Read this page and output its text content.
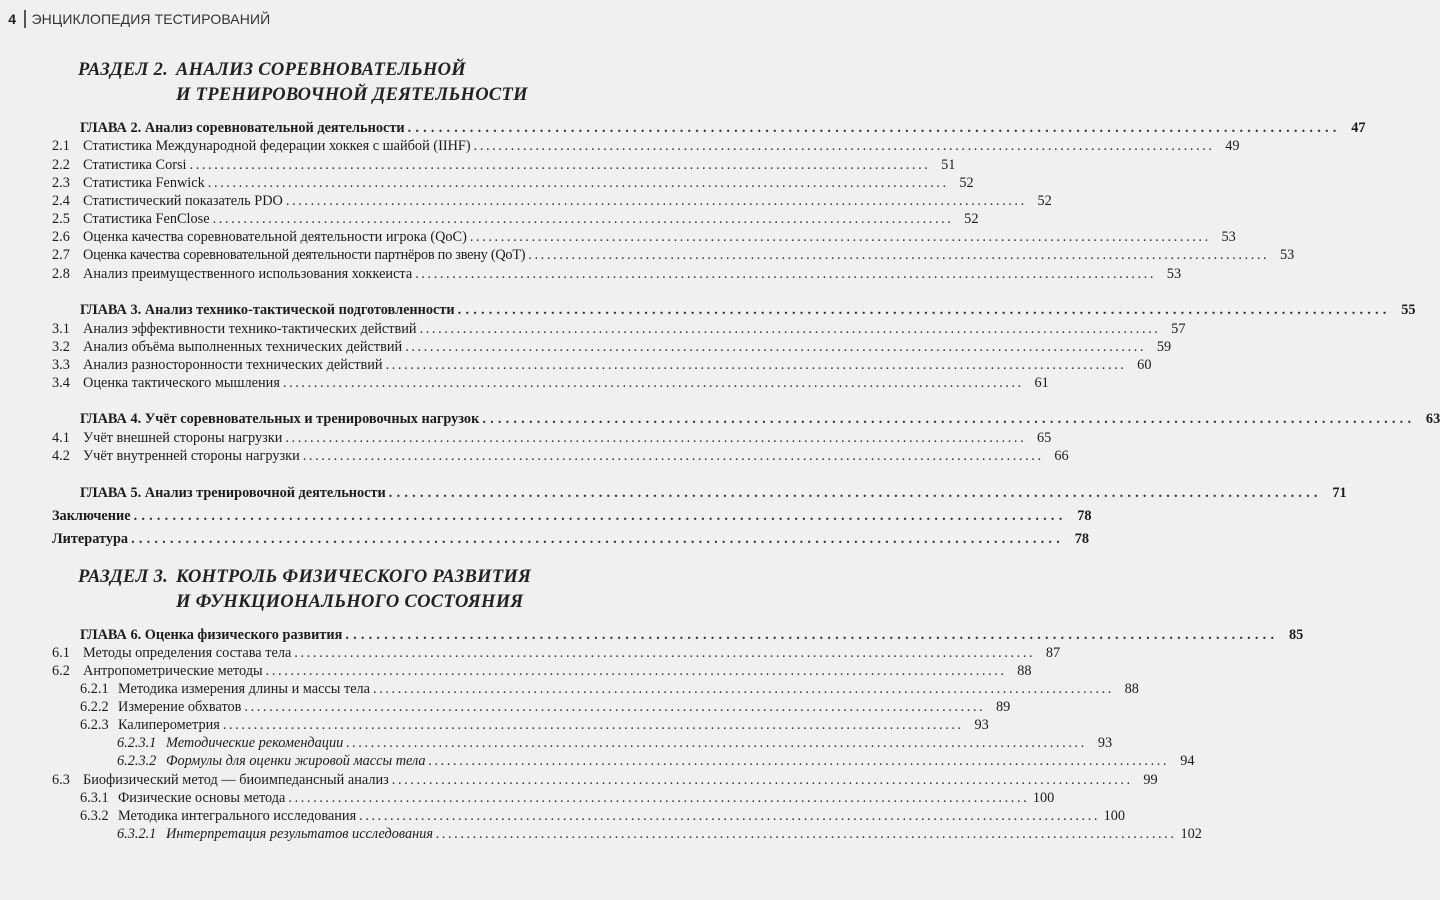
4 ЭНЦИКЛОПЕДИЯ ТЕСТИРОВАНИЙ
РАЗДЕЛ 2. АНАЛИЗ СОРЕВНОВАТЕЛЬНОЙ
И ТРЕНИРОВОЧНОЙ ДЕЯТЕЛЬНОСТИ
ГЛАВА 2. Анализ соревновательной деятельности ........................................................................................................................ 47
2.1 Статистика Международной федерации хоккея с шайбой (IIHF) ........................................................................................................................ 49
2.2 Статистика Corsi ........................................................................................................................ 51
2.3 Статистика Fenwick ........................................................................................................................ 52
2.4 Статистический показатель PDO ........................................................................................................................ 52
2.5 Статистика FenClose ........................................................................................................................ 52
2.6 Оценка качества соревновательной деятельности игрока (QoC) ........................................................................................................................ 53
2.7 Оценка качества соревновательной деятельности партнёров по звену (QoT) ........................................................................................................................ 53
2.8 Анализ преимущественного использования хоккеиста ........................................................................................................................ 53
ГЛАВА 3. Анализ технико-тактической подготовленности ........................................................................................................................ 55
3.1 Анализ эффективности технико-тактических действий ........................................................................................................................ 57
3.2 Анализ объёма выполненных технических действий ........................................................................................................................ 59
3.3 Анализ разносторонности технических действий ........................................................................................................................ 60
3.4 Оценка тактического мышления ........................................................................................................................ 61
ГЛАВА 4. Учёт соревновательных и тренировочных нагрузок ........................................................................................................................ 63
4.1 Учёт внешней стороны нагрузки ........................................................................................................................ 65
4.2 Учёт внутренней стороны нагрузки ........................................................................................................................ 66
ГЛАВА 5. Анализ тренировочной деятельности ........................................................................................................................ 71
Заключение ........................................................................................................................ 78
Литература ........................................................................................................................ 78
РАЗДЕЛ 3. КОНТРОЛЬ ФИЗИЧЕСКОГО РАЗВИТИЯ
И ФУНКЦИОНАЛЬНОГО СОСТОЯНИЯ
ГЛАВА 6. Оценка физического развития ........................................................................................................................ 85
6.1 Методы определения состава тела ........................................................................................................................ 87
6.2 Антропометрические методы ........................................................................................................................ 88
6.2.1 Методика измерения длины и массы тела ........................................................................................................................ 88
6.2.2 Измерение обхватов ........................................................................................................................ 89
6.2.3 Калиперометрия ........................................................................................................................ 93
6.2.3.1 Методические рекомендации ........................................................................................................................ 93
6.2.3.2 Формулы для оценки жировой массы тела ........................................................................................................................ 94
6.3 Биофизический метод — биоимпедансный анализ ........................................................................................................................ 99
6.3.1 Физические основы метода ........................................................................................................................ 100
6.3.2 Методика интегрального исследования ........................................................................................................................ 100
6.3.2.1 Интерпретация результатов исследования ........................................................................................................................ 102
